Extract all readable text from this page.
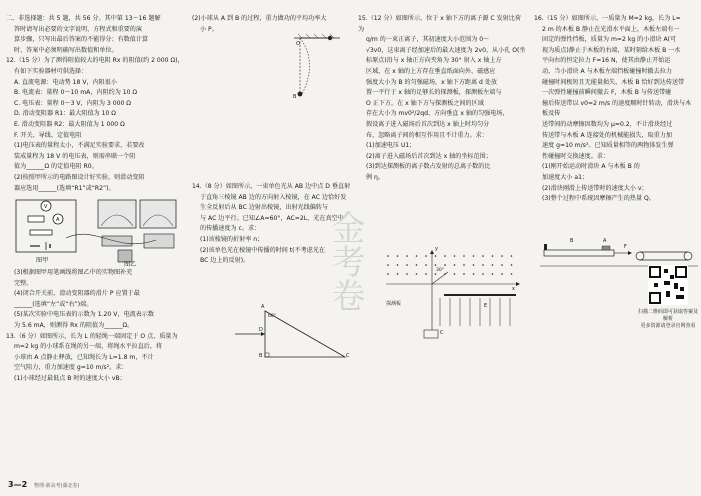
二、非选择题：共 5 题，共 56 分。其中第 13～16 题解

答时请写出必要的文字说明、方程式和重要的演

算步骤，只写出最后答案的不能得分；有数值计算

时，答案中必须明确写出数值和单位。

12.（15 分）为了测得阻值较大的电阻 Rx 的阻值(约 2 000 Ω)，

有如下实验器材可供选择：

A. 直流电源：电动势 18 V，内阻很小

B. 电流表：量程 0～10 mA，内阻约为 10 Ω

C. 电压表：量程 0～3 V，内阻为 3 000 Ω

D. 滑动变阻器 R1：最大阻值为 10 Ω

E. 滑动变阻器 R2：最大阻值为 1 000 Ω

F. 开关、导线、定值电阻

(1)电压表的量程太小，不满足实验要求，若要改

装成量程为 18 V 的电压表，则需串联一个阻

值为______Ω 的定值电阻 R0。

(2)按照甲所示的电路图设计好实验，则滑动变阻

器应选用______(选填“R1”或“R2”)。

V
A
图甲
图乙

(3)根据图甲用笔画线将图乙中的实物图补充

完整。

(4)闭合开关前，滑动变阻器的滑片 P 应置于最

______(选填“左”或“右”)端。

(5)某次实验中电压表的示数为 1.20 V，电流表示数

为 5.6 mA，则测得 Rx 的阻值为______Ω。

13.（6 分）如图所示，长为 L 的轻绳一端固定于 O 点，质量为

m=2 kg 的小球系在绳的另一端，将绳水平拉直后，将

小球由 A 点静止释放，已知绳长为 L=1.8 m，不计

空气阻力，重力加速度 g=10 m/s²。求：

(1)小球经过最低点 B 时的速度大小 vB；

(2)小球从 A 到 B 的过程，重力做功的平均功率大

小 P。

O
B

14.（8 分）如图所示，一束单色光从 AB 边中点 D 垂直射

于直角三棱镜 AB 边的方向射入棱镜，在 AC 边恰好发

生全反射后从 BC 边射出棱镜，出射光线偏转与

与 AC 边平行。已知∠A=60°，AC=2L，光在真空中

的传播速度为 c。求：

(1)该棱镜的折射率 n；

(2)该单色光在棱镜中传播的时间 t(不考虑光在

BC 边上的反射)。

A
60°
D
B	C

15.（12 分）如图所示，位于 x 轴下方的离子源 C 发射比荷为

q/m 的一束正离子，其初速度大小范围为 0～

√3v0，这束离子经加速后的最大速度为 2v0，从小孔 O(坐

标原点)沿与 x 轴正方向夹角为 30° 射入 x 轴上方

区域，在 x 轴的上方存在垂直纸面向外、磁感应

强度大小为 B 的匀强磁场，x 轴下方距离 d 处放

置一平行于 x 轴的足够长的探测板，探测板左端与

O 正下方，在 x 轴下方与探测板之间的区域

存在大小为 mv0²/2qd、方向垂直 x 轴的匀强电场，

假设离子进入磁场后首次到达 x 轴上时均匀分

布，忽略离子间的相互作用且不计重力。求：

(1)加速电压 U1；

(2)离子进入磁场后首次到达 x 轴的坐标范围；

(3)到达探测板的离子数占发射的总离子数的比

例 η。

y
30°
x
E
探测板
C

16.（15 分）如图所示，一质量为 M=2 kg、长为 L=

2 m 的木板 B 静止在光滑水平面上，木板左端有一

固定的弹性挡板，质量为 m=2 kg 的小滑块 A(可

视为质点)静止于木板的右端，某时刻给木板 B 一水

平向右的恒定拉力 F=16 N，使其由静止开始运

动，当小滑块 A 与木板左端挡板碰撞时撤去拉力

碰撞时间极短且无能量损失，木板 B 恰好到达传送带

一次弹性碰撞前瞬间撤去 F，木板 B 与传送带碰

撞后传送带以 v0=2 m/s 的速度顺时针转动，滑块与木板及传

送带间的动摩擦因数均为 μ=0.2，不计滑块经过

传送带与木板 A 连接处的机械能损失，取重力加

速度 g=10 m/s²。已知质量相等的两物体发生弹

性碰撞时交换速度。求：

(1)刚开始运动时滑块 A 与木板 B 的

加速度大小 a1；

(2)滑块刚滑上传送带时的速度大小 v；

(3)整个过程中系统因摩擦产生的热量 Q。

A
B
F
扫描二维码即可获取答案及解析
更多资源请登录官网查看
金考卷
3—2 物理·新高考(湖北卷)
